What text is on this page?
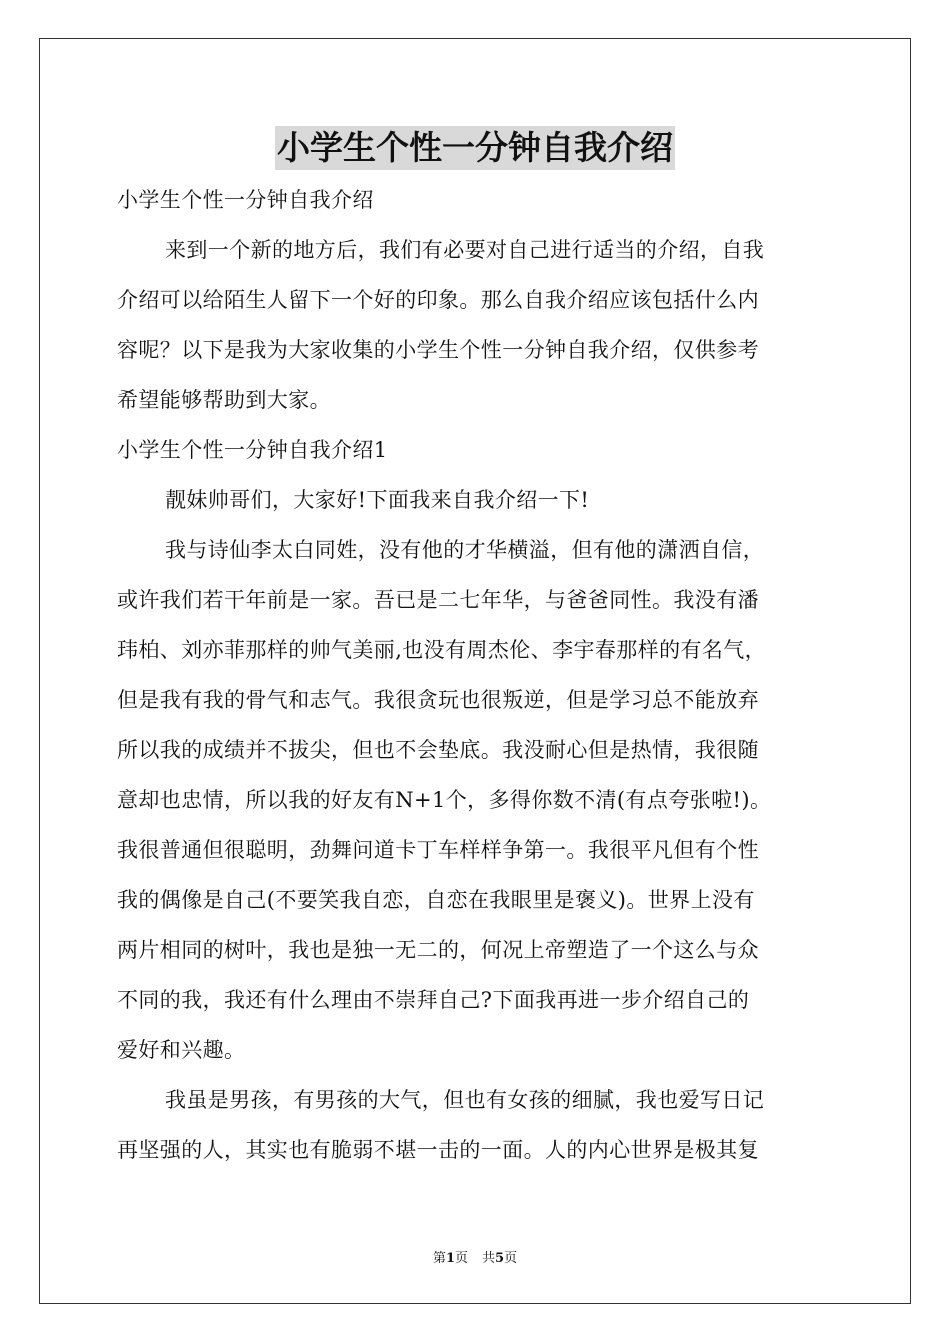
小学生个性一分钟自我介绍
小学生个性一分钟自我介绍
来到一个新的地方后，我们有必要对自己进行适当的介绍，自我
介绍可以给陌生人留下一个好的印象。那么自我介绍应该包括什么内
容呢？以下是我为大家收集的小学生个性一分钟自我介绍，仅供参考
希望能够帮助到大家。
小学生个性一分钟自我介绍1
靓妹帅哥们，大家好!下面我来自我介绍一下!
我与诗仙李太白同姓，没有他的才华横溢，但有他的潇洒自信，
或许我们若干年前是一家。吾已是二七年华，与爸爸同性。我没有潘
玮柏、刘亦菲那样的帅气美丽,也没有周杰伦、李宇春那样的有名气，
但是我有我的骨气和志气。我很贪玩也很叛逆，但是学习总不能放弃
所以我的成绩并不拔尖，但也不会垫底。我没耐心但是热情，我很随
意却也忠情，所以我的好友有N+1个，多得你数不清(有点夸张啦!)。
我很普通但很聪明，劲舞问道卡丁车样样争第一。我很平凡但有个性
我的偶像是自己(不要笑我自恋，自恋在我眼里是褒义)。世界上没有
两片相同的树叶，我也是独一无二的，何况上帝塑造了一个这么与众
不同的我，我还有什么理由不崇拜自己?下面我再进一步介绍自己的
爱好和兴趣。
我虽是男孩，有男孩的大气，但也有女孩的细腻，我也爱写日记
再坚强的人，其实也有脆弱不堪一击的一面。人的内心世界是极其复
第1页 共5页
